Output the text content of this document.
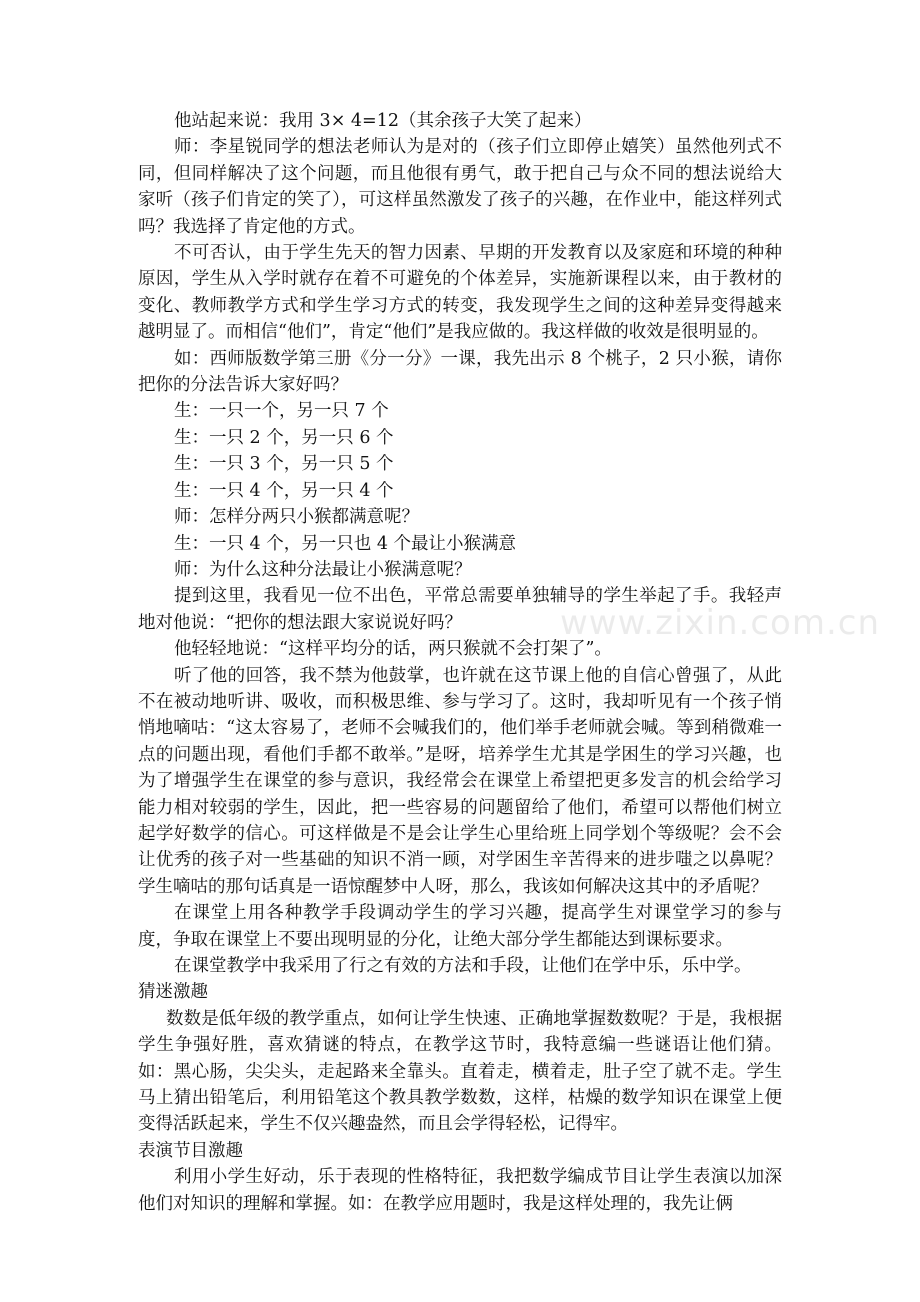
他站起来说：我用 3× 4=12（其余孩子大笑了起来）

师：李星锐同学的想法老师认为是对的（孩子们立即停止嬉笑）虽然他列式不同，但同样解决了这个问题，而且他很有勇气，敢于把自己与众不同的想法说给大家听（孩子们肯定的笑了），可这样虽然激发了孩子的兴趣，在作业中，能这样列式吗？我选择了肯定他的方式。

不可否认，由于学生先天的智力因素、早期的开发教育以及家庭和环境的种种原因，学生从入学时就存在着不可避免的个体差异，实施新课程以来，由于教材的变化、教师教学方式和学生学习方式的转变，我发现学生之间的这种差异变得越来越明显了。而相信“他们”，肯定“他们”是我应做的。我这样做的收效是很明显的。

如：西师版数学第三册《分一分》一课，我先出示 8 个桃子，2 只小猴，请你把你的分法告诉大家好吗？

生：一只一个，另一只 7 个

生：一只 2 个，另一只 6 个

生：一只 3 个，另一只 5 个

生：一只 4 个，另一只 4 个

师：怎样分两只小猴都满意呢？

生：一只 4 个，另一只也 4 个最让小猴满意

师：为什么这种分法最让小猴满意呢？

提到这里，我看见一位不出色，平常总需要单独辅导的学生举起了手。我轻声地对他说：“把你的想法跟大家说说好吗？

他轻轻地说：“这样平均分的话，两只猴就不会打架了”。

听了他的回答，我不禁为他鼓掌，也许就在这节课上他的自信心曾强了，从此不在被动地听讲、吸收，而积极思维、参与学习了。这时，我却听见有一个孩子悄悄地嘀咕：“这太容易了，老师不会喊我们的，他们举手老师就会喊。等到稍微难一点的问题出现，看他们手都不敢举。”是呀，培养学生尤其是学困生的学习兴趣，也为了增强学生在课堂的参与意识，我经常会在课堂上希望把更多发言的机会给学习能力相对较弱的学生，因此，把一些容易的问题留给了他们，希望可以帮他们树立起学好数学的信心。可这样做是不是会让学生心里给班上同学划个等级呢？会不会让优秀的孩子对一些基础的知识不消一顾，对学困生辛苦得来的进步嗤之以鼻呢？学生嘀咕的那句话真是一语惊醒梦中人呀，那么，我该如何解决这其中的矛盾呢？

在课堂上用各种教学手段调动学生的学习兴趣，提高学生对课堂学习的参与度，争取在课堂上不要出现明显的分化，让绝大部分学生都能达到课标要求。

在课堂教学中我采用了行之有效的方法和手段，让他们在学中乐，乐中学。

猜迷激趣

数数是低年级的教学重点，如何让学生快速、正确地掌握数数呢？于是，我根据学生争强好胜，喜欢猜谜的特点，在教学这节时，我特意编一些谜语让他们猜。如：黑心肠，尖尖头，走起路来全靠头。直着走，横着走，肚子空了就不走。学生马上猜出铅笔后，利用铅笔这个教具教学数数，这样，枯燥的数学知识在课堂上便变得活跃起来，学生不仅兴趣盎然，而且会学得轻松，记得牢。

表演节目激趣

利用小学生好动，乐于表现的性格特征，我把数学编成节目让学生表演以加深他们对知识的理解和掌握。如：在教学应用题时，我是这样处理的，我先让俩

www.zixin.com.cn
